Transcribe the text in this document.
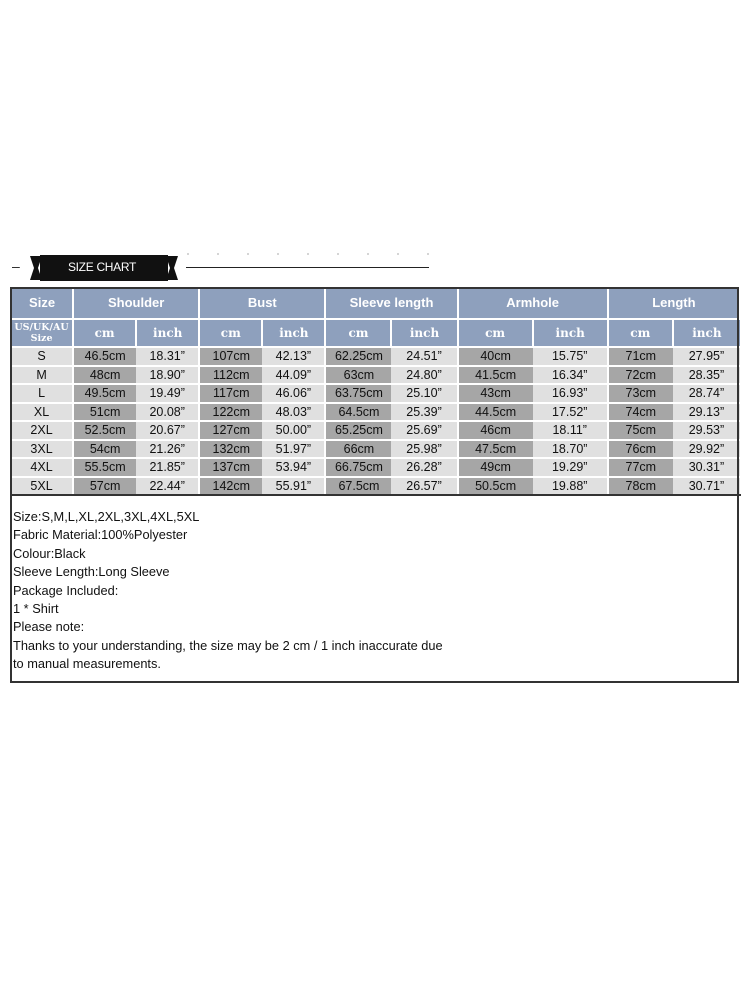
–	SIZE CHART
Size	Shoulder		Bust		Sleeve length		Armhole		Length	
US/UK/AU Size	cm	inch	cm	inch	cm	inch	cm	inch	cm	inch
S	46.5cm	18.31”	107cm	42.13”	62.25cm	24.51”	40cm	15.75”	71cm	27.95”
M	48cm	18.90”	112cm	44.09”	63cm	24.80”	41.5cm	16.34”	72cm	28.35”
L	49.5cm	19.49”	117cm	46.06”	63.75cm	25.10”	43cm	16.93”	73cm	28.74”
XL	51cm	20.08”	122cm	48.03”	64.5cm	25.39”	44.5cm	17.52”	74cm	29.13”
2XL	52.5cm	20.67”	127cm	50.00”	65.25cm	25.69”	46cm	18.11”	75cm	29.53”
3XL	54cm	21.26”	132cm	51.97”	66cm	25.98”	47.5cm	18.70”	76cm	29.92”
4XL	55.5cm	21.85”	137cm	53.94”	66.75cm	26.28”	49cm	19.29”	77cm	30.31”
5XL	57cm	22.44”	142cm	55.91”	67.5cm	26.57”	50.5cm	19.88”	78cm	30.71”
Size:S,M,L,XL,2XL,3XL,4XL,5XL
Fabric Material:100%Polyester
Colour:Black
Sleeve Length:Long Sleeve
Package Included:
1 * Shirt
Please note:
Thanks to your understanding, the size may be 2 cm / 1 inch inaccurate due
to manual measurements.
